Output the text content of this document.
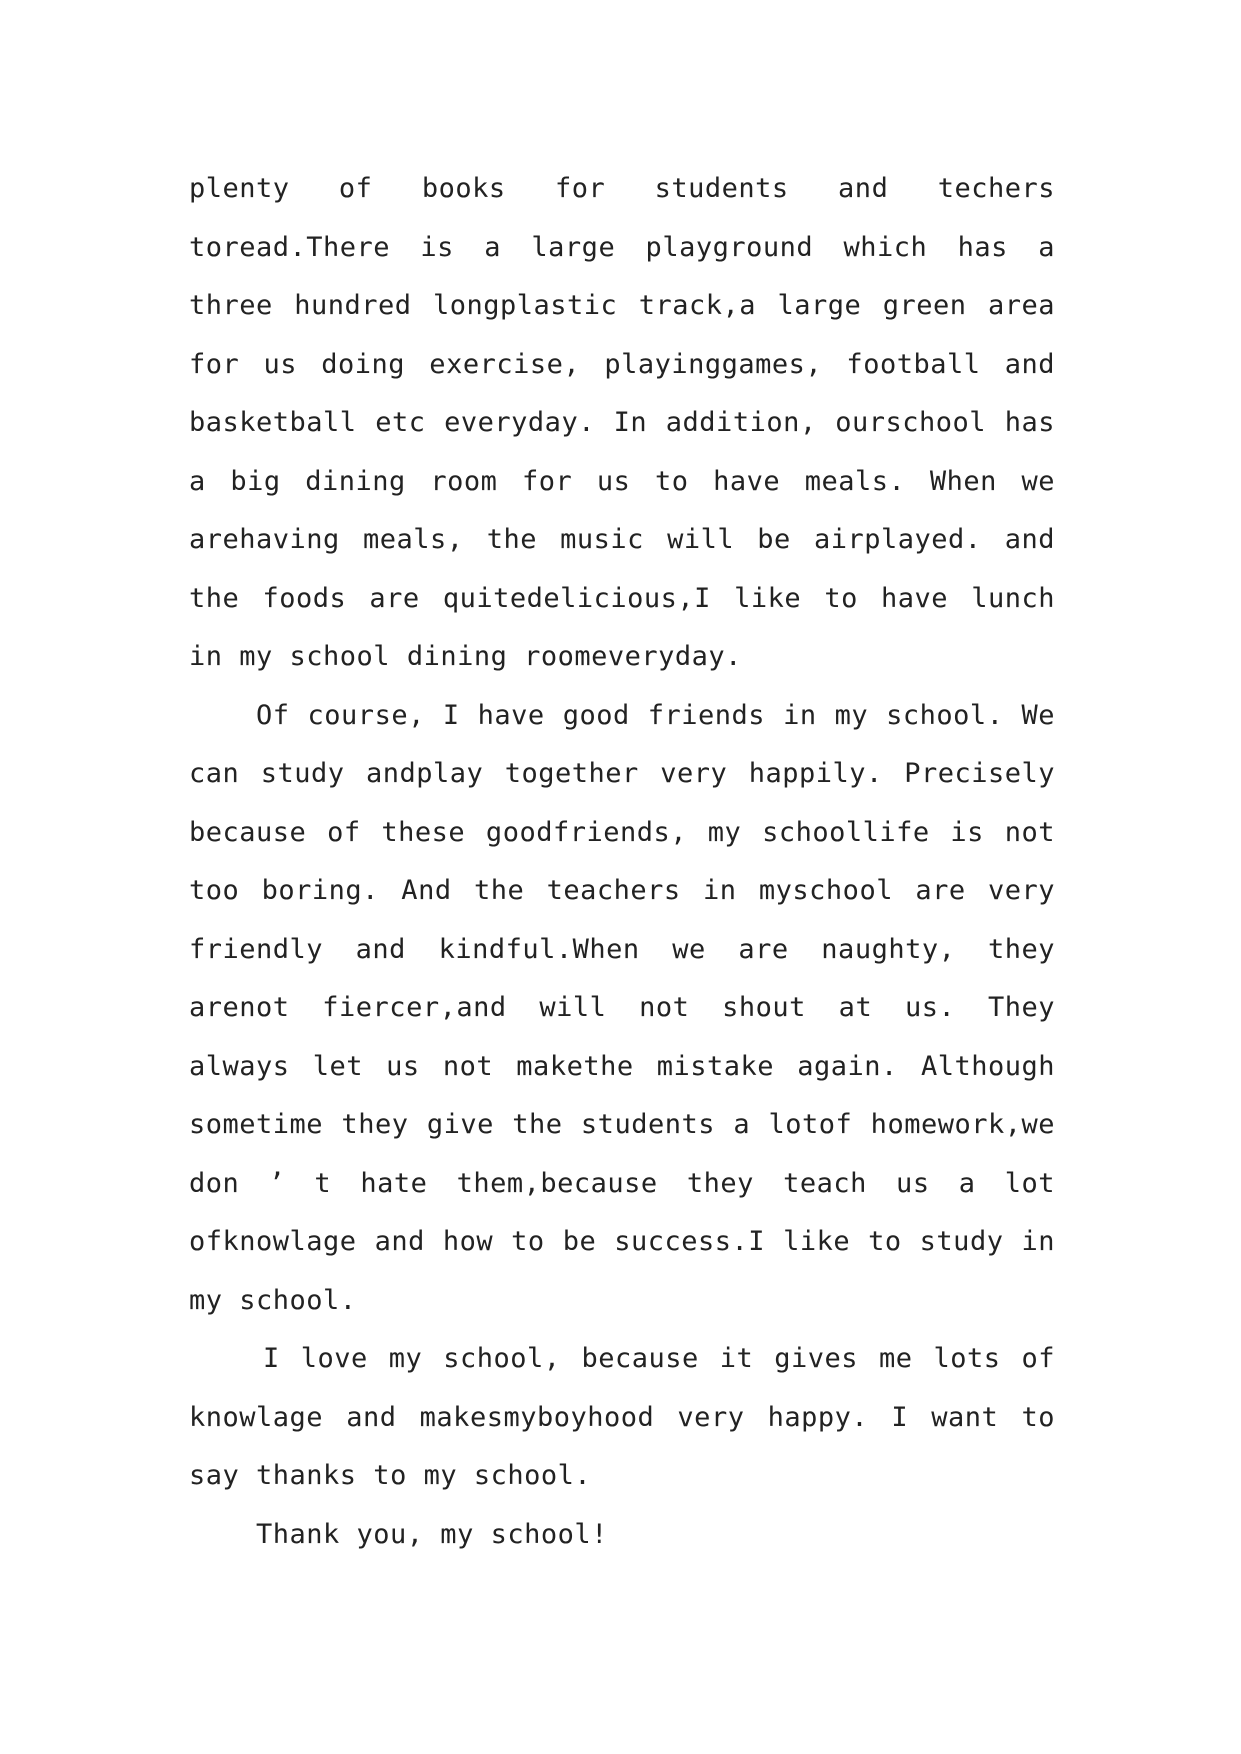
plenty of books for students and techers
toread.There is a large playground which has a
three hundred longplastic track,a large green area
for us doing exercise, playinggames, football and
basketball etc everyday. In addition, ourschool has
a big dining room for us to have meals. When we
arehaving meals, the music will be airplayed. and
the foods are quitedelicious,I like to have lunch
in my school dining roomeveryday.
Of course, I have good friends in my school. We
can study andplay together very happily. Precisely
because of these goodfriends, my schoollife is not
too boring. And the teachers in myschool are very
friendly and kindful.When we are naughty, they
arenot fiercer,and will not shout at us. They
always let us not makethe mistake again. Although
sometime they give the students a lotof homework,we
don ’ t hate them,because they teach us a lot
ofknowlage and how to be success.I like to study in
my school.
I love my school, because it gives me lots of
knowlage and makesmyboyhood very happy. I want to
say thanks to my school.
Thank you, my school!
